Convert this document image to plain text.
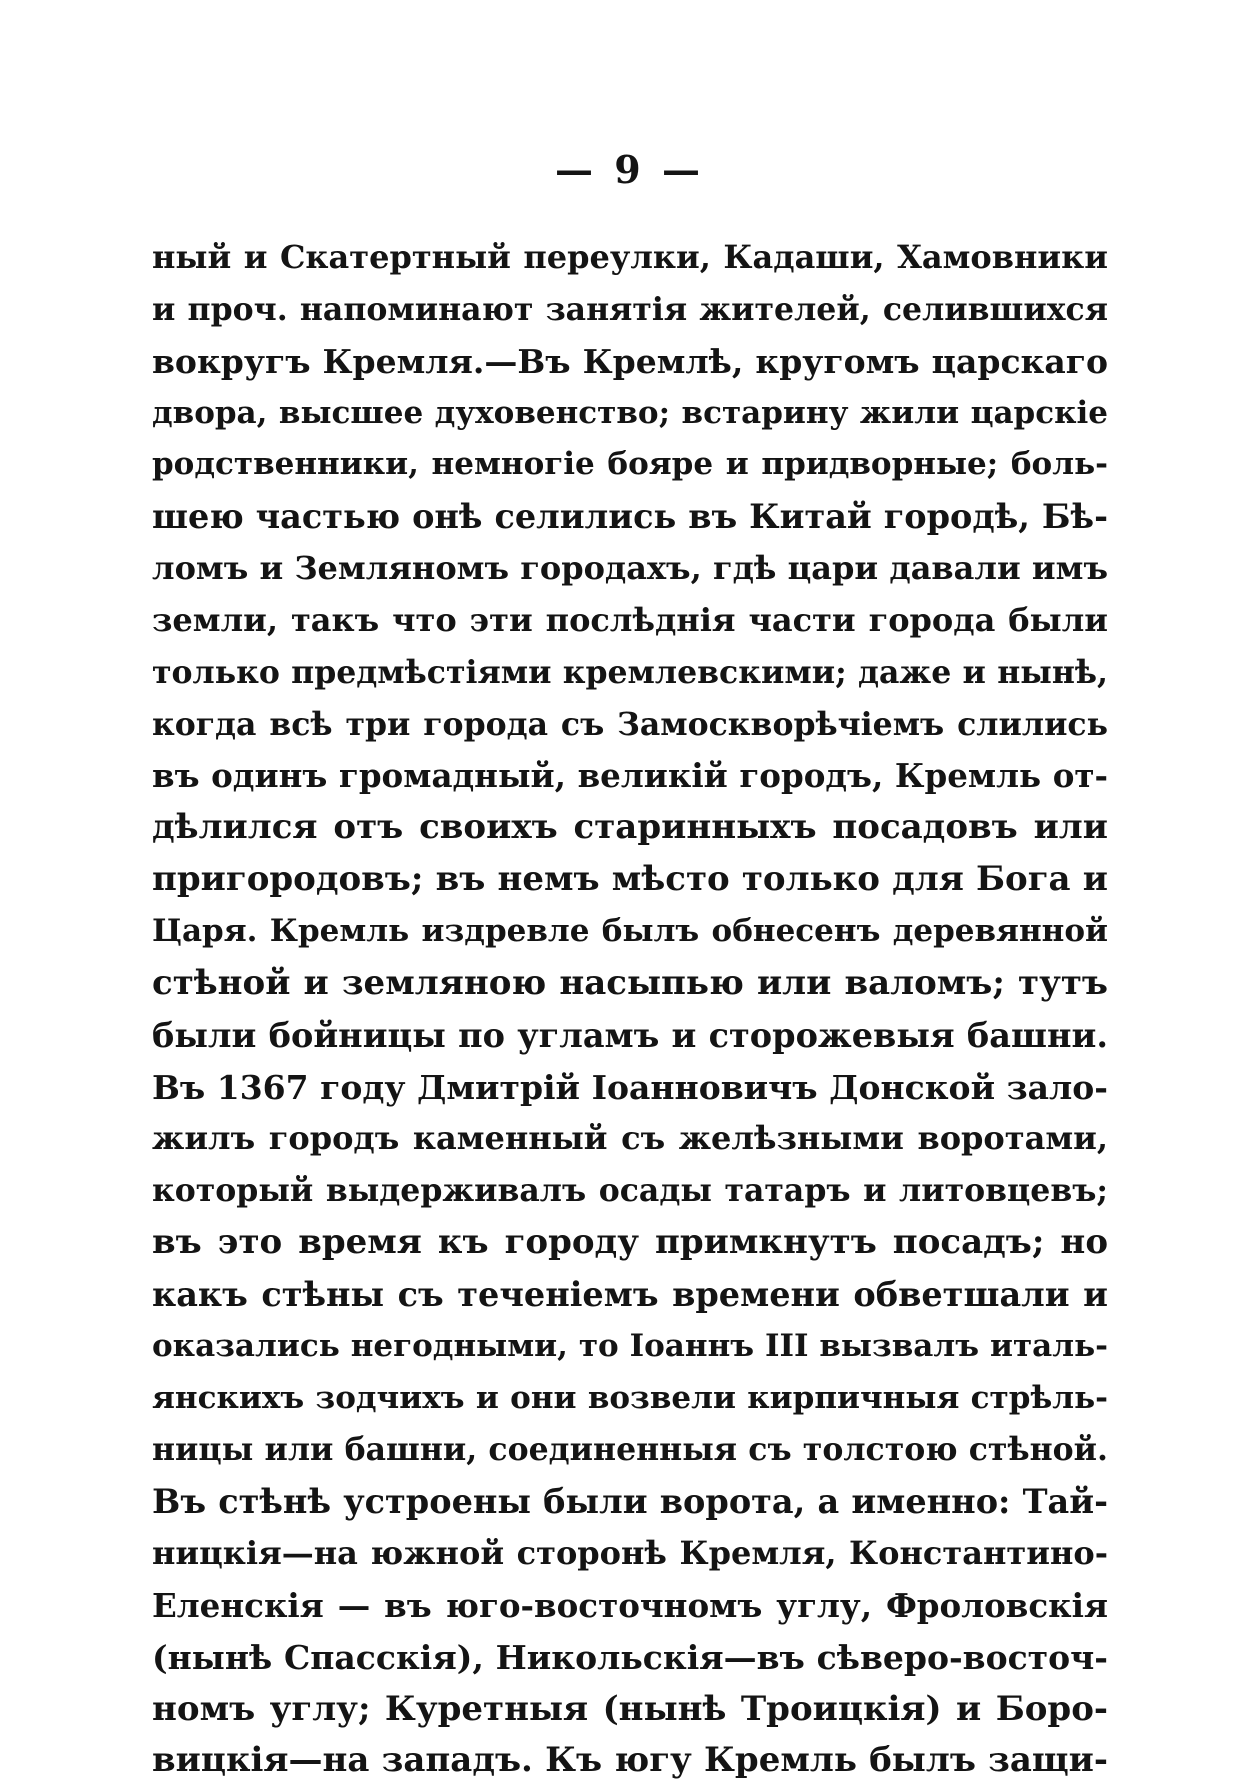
— 9 —
ный и Скатертный переулки, Кадаши, Хамовники
и проч. напоминают занятія жителей, селившихся
вокругъ Кремля.—Въ Кремлѣ, кругомъ царскаго
двора, высшее духовенство; встарину жили царскіе
родственники, немногіе бояре и придворные; боль-
шею частью онѣ селились въ Китай городѣ, Бѣ-
ломъ и Земляномъ городахъ, гдѣ цари давали имъ
земли, такъ что эти послѣднія части города были
только предмѣстіями кремлевскими; даже и нынѣ,
когда всѣ три города съ Замоскворѣчіемъ слились
въ одинъ громадный, великій городъ, Кремль от-
дѣлился отъ своихъ старинныхъ посадовъ или
пригородовъ; въ немъ мѣсто только для Бога и
Царя. Кремль издревле былъ обнесенъ деревянной
стѣной и земляною насыпью или валомъ; тутъ
были бойницы по угламъ и сторожевыя башни.
Въ 1367 году Дмитрій Іоанновичъ Донской зало-
жилъ городъ каменный съ желѣзными воротами,
который выдерживалъ осады татаръ и литовцевъ;
въ это время къ городу примкнутъ посадъ; но
какъ стѣны съ теченіемъ времени обветшали и
оказались негодными, то Іоаннъ III вызвалъ италь-
янскихъ зодчихъ и они возвели кирпичныя стрѣль-
ницы или башни, соединенныя съ толстою стѣной.
Въ стѣнѣ устроены были ворота, а именно: Тай-
ницкія—на южной сторонѣ Кремля, Константино-
Еленскія — въ юго-восточномъ углу, Фроловскія
(нынѣ Спасскія), Никольскія—въ сѣверо-восточ-
номъ углу; Куретныя (нынѣ Троицкія) и Боро-
вицкія—на западъ. Къ югу Кремль былъ защи-
